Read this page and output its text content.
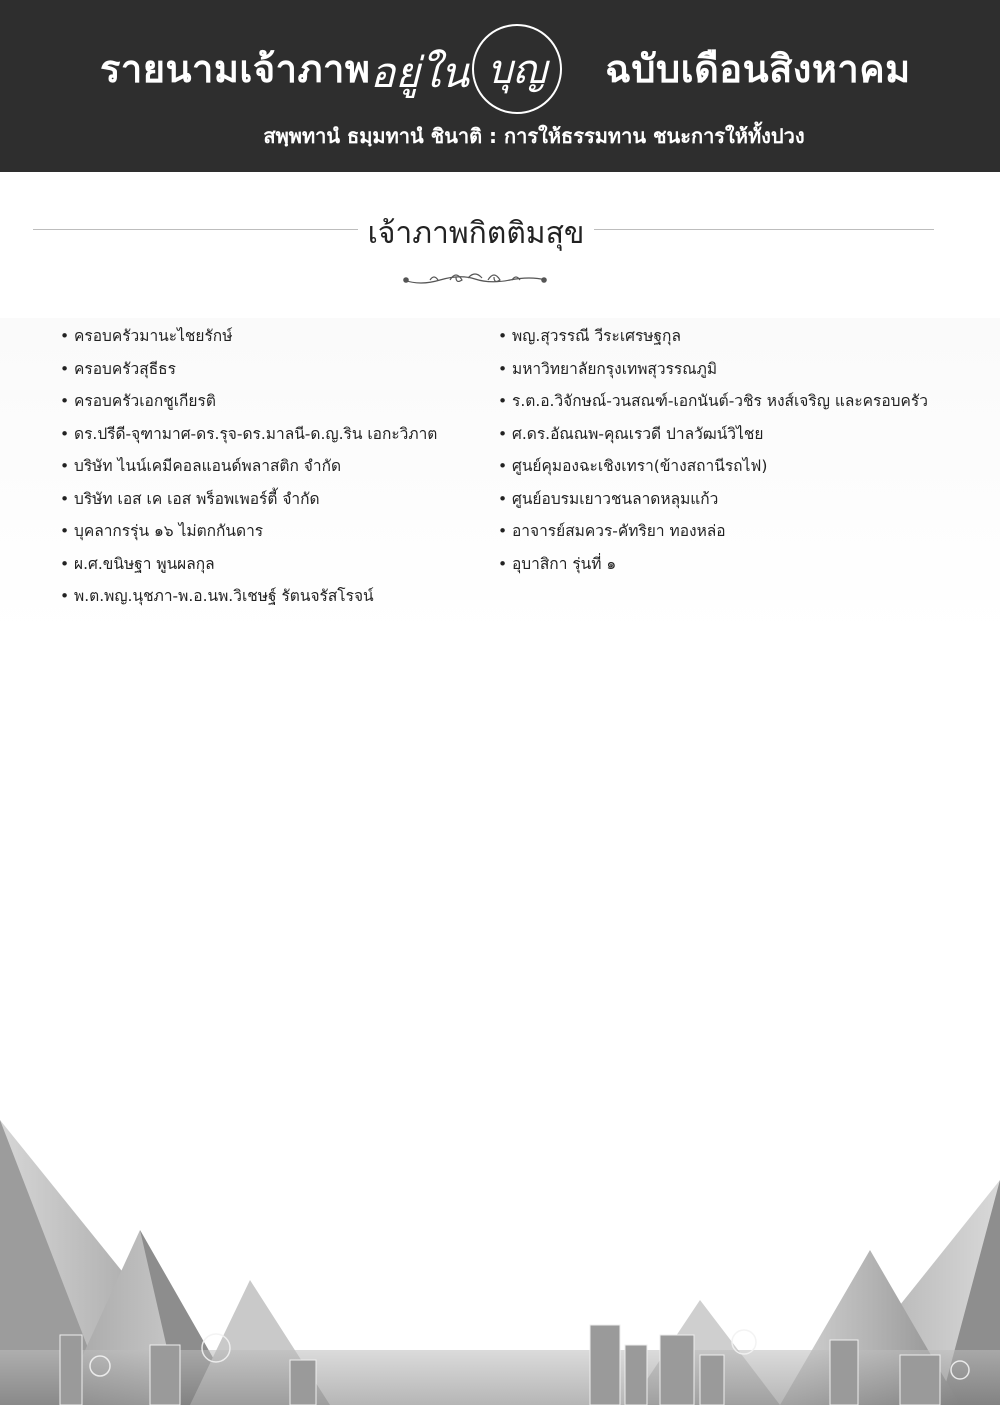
รายนามเจ้าภาพ อยู่ใน บุญ ฉบับเดือนสิงหาคม
สพฺพทานํ ธมฺมทานํ ชินาติ : การให้ธรรมทาน ชนะการให้ทั้งปวง
เจ้าภาพกิตติมสุข
• ครอบครัวมานะไชยรักษ์
• ครอบครัวสุธีธร
• ครอบครัวเอกชูเกียรติ
• ดร.ปรีดี-จุฑามาศ-ดร.รุจ-ดร.มาลนี-ด.ญ.ริน เอกะวิภาต
• บริษัท ไนน์เคมีคอลแอนด์พลาสติก จำกัด
• บริษัท เอส เค เอส พร็อพเพอร์ตี้ จำกัด
• บุคลากรรุ่น ๑๖ ไม่ตกกันดาร
• ผ.ศ.ขนิษฐา พูนผลกุล
• พ.ต.พญ.นุชภา-พ.อ.นพ.วิเชษฐ์ รัตนจรัสโรจน์
• พญ.สุวรรณี วีระเศรษฐกุล
• มหาวิทยาลัยกรุงเทพสุวรรณภูมิ
• ร.ต.อ.วิจักษณ์-วนสณฑ์-เอกนันต์-วชิร หงส์เจริญ และครอบครัว
• ศ.ดร.อัณณพ-คุณเรวดี ปาลวัฒน์วิไชย
• ศูนย์คุมองฉะเชิงเทรา(ข้างสถานีรถไฟ)
• ศูนย์อบรมเยาวชนลาดหลุมแก้ว
• อาจารย์สมควร-คัทริยา ทองหล่อ
• อุบาสิกา รุ่นที่ ๑
